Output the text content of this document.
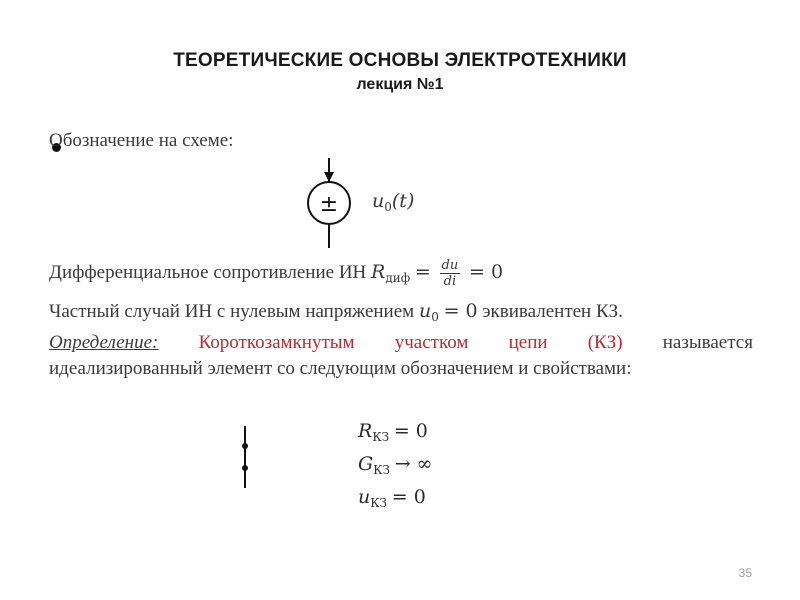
ТЕОРЕТИЧЕСКИЕ ОСНОВЫ ЭЛЕКТРОТЕХНИКИ
лекция №1
Обозначение на схеме:
± $u_0(t)$
Дифференциальное сопротивление ИН $R_{диф} = \frac{du}{di} = 0$
Частный случай ИН с нулевым напряжением $u_0 = 0$ эквивалентен КЗ.
Определение: Короткозамкнутым участком цепи (КЗ) называется
идеализированный элемент со следующим обозначением и свойствами:
$R_{КЗ} = 0$
$G_{КЗ}$ → ∞
$u_{КЗ} = 0$
35
